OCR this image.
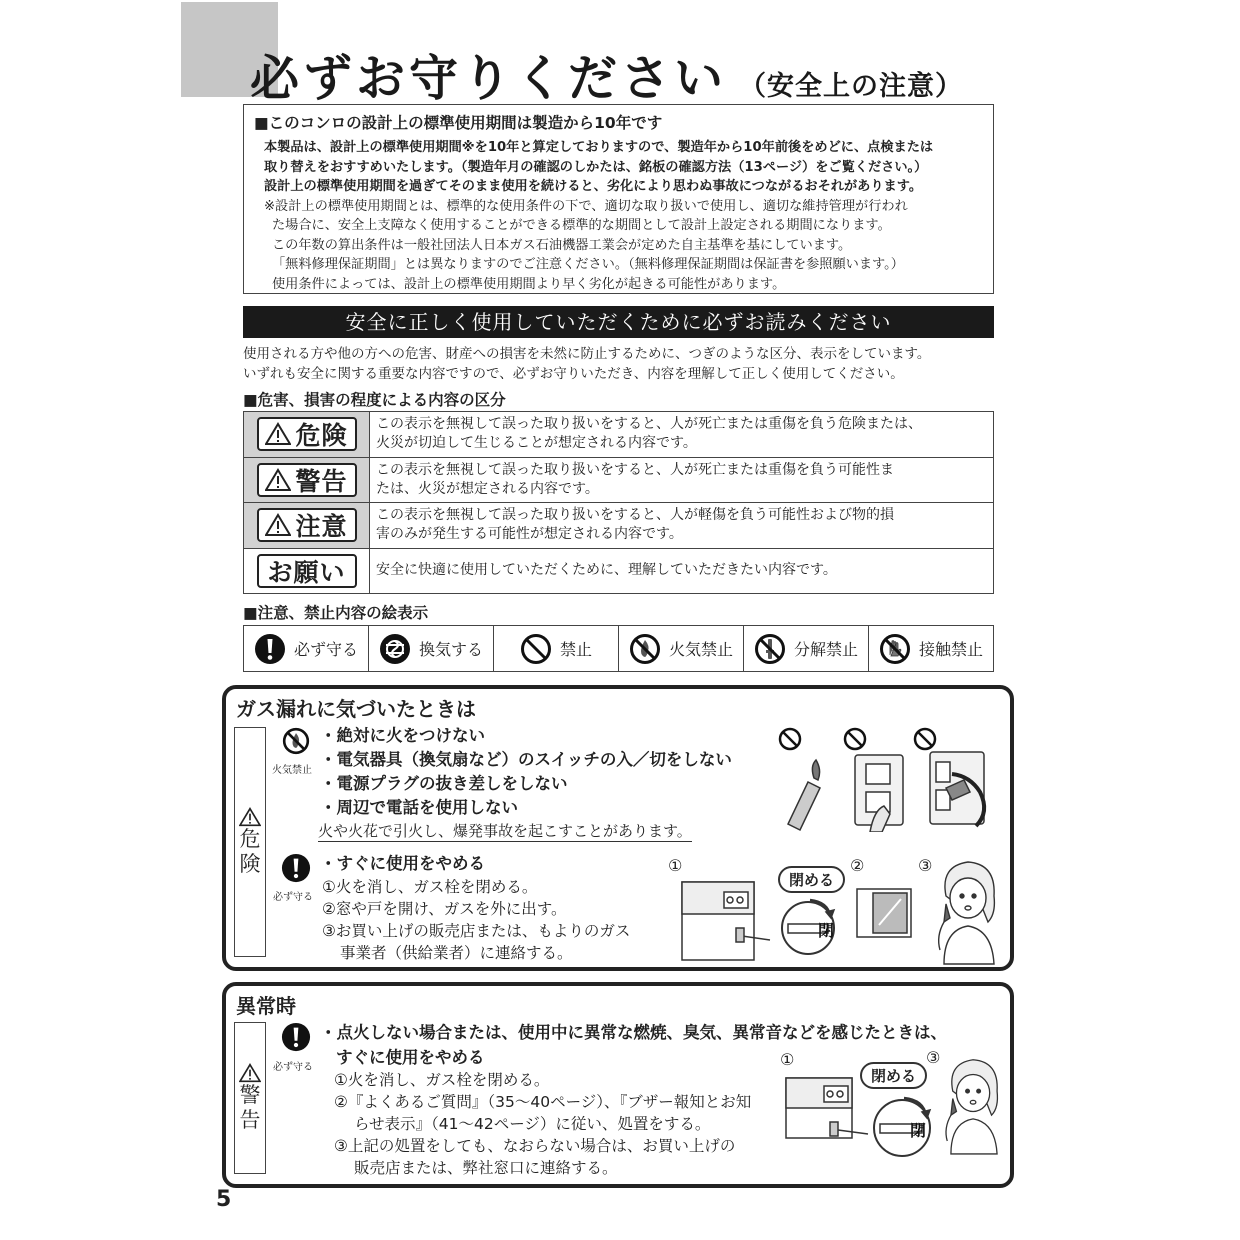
必ずお守りください （安全上の注意）
■このコンロの設計上の標準使用期間は製造から10年です

本製品は、設計上の標準使用期間※を10年と算定しておりますので、製造年から10年前後をめどに、点検または

取り替えをおすすめいたします。（製造年月の確認のしかたは、銘板の確認方法（13ページ）をご覧ください。）

設計上の標準使用期間を過ぎてそのまま使用を続けると、劣化により思わぬ事故につながるおそれがあります。

※設計上の標準使用期間とは、標準的な使用条件の下で、適切な取り扱いで使用し、適切な維持管理が行われ

た場合に、安全上支障なく使用することができる標準的な期間として設計上設定される期間になります。

この年数の算出条件は一般社団法人日本ガス石油機器工業会が定めた自主基準を基にしています。

「無料修理保証期間」とは異なりますのでご注意ください。（無料修理保証期間は保証書を参照願います。）

使用条件によっては、設計上の標準使用期間より早く劣化が起きる可能性があります。

安全に正しく使用していただくために必ずお読みください
使用される方や他の方への危害、財産への損害を未然に防止するために、つぎのような区分、表示をしています。
いずれも安全に関する重要な内容ですので、必ずお守りいただき、内容を理解して正しく使用してください。
■危害、損害の程度による内容の区分
危険	この表示を無視して誤った取り扱いをすると、人が死亡または重傷を負う危険または、
火災が切迫して生じることが想定される内容です。

警告	この表示を無視して誤った取り扱いをすると、人が死亡または重傷を負う可能性ま
たは、火災が想定される内容です。

注意	この表示を無視して誤った取り扱いをすると、人が軽傷を負う可能性および物的損
害のみが発生する可能性が想定される内容です。

お願い	安全に快適に使用していただくために、理解していただきたい内容です。
■注意、禁止内容の絵表示
必ず守る	換気する	禁止	火気禁止	分解禁止	接触禁止
ガス漏れに気づいたときは
危
険
火気禁止
・絶対に火をつけない
・電気器具（換気扇など）のスイッチの入／切をしない
・電源プラグの抜き差しをしない
・周辺で電話を使用しない
火や火花で引火し、爆発事故を起こすことがあります。
必ず守る
・すぐに使用をやめる
①火を消し、ガス栓を閉める。
②窓や戸を開け、ガスを外に出す。
③お買い上げの販売店または、もよりのガス
事業者（供給業者）に連絡する。
①
閉める
②	③
閉
異常時
警
告
必ず守る
・点火しない場合または、使用中に異常な燃焼、臭気、異常音などを感じたときは、
すぐに使用をやめる
①火を消し、ガス栓を閉める。
②『よくあるご質問』（35〜40ページ）、『ブザー報知とお知
らせ表示』（41〜42ページ）に従い、処置をする。
③上記の処置をしても、なおらない場合は、お買い上げの
販売店または、弊社窓口に連絡する。
①
閉める
③
閉
5
